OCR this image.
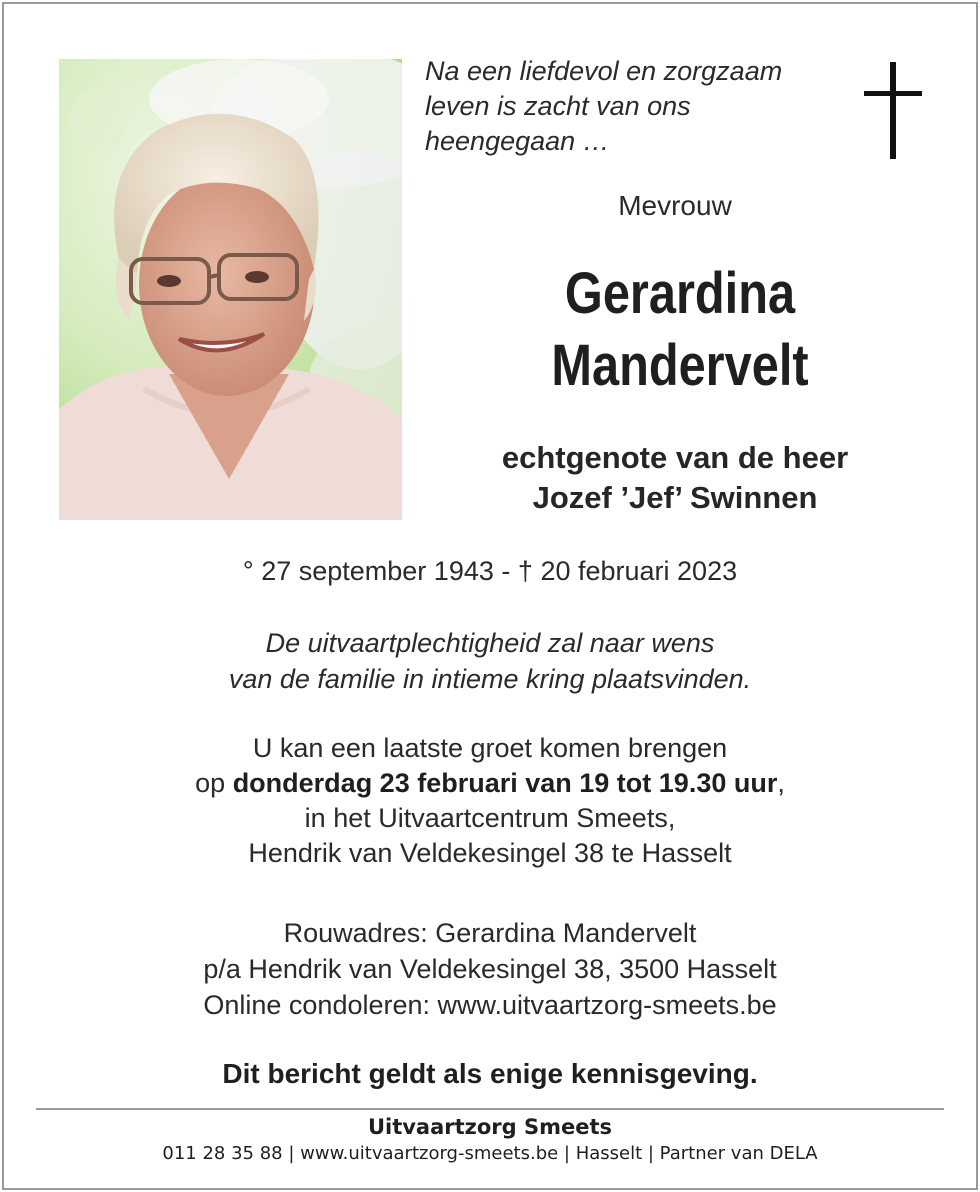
Na een liefdevol en zorgzaam
leven is zacht van ons
heengegaan …
Mevrouw
Gerardina
Mandervelt
echtgenote van de heer
Jozef ’Jef’ Swinnen
° 27 september 1943 - † 20 februari 2023
De uitvaartplechtigheid zal naar wens
van de familie in intieme kring plaatsvinden.
U kan een laatste groet komen brengen
op donderdag 23 februari van 19 tot 19.30 uur,
in het Uitvaartcentrum Smeets,
Hendrik van Veldekesingel 38 te Hasselt
Rouwadres: Gerardina Mandervelt
p/a Hendrik van Veldekesingel 38, 3500 Hasselt
Online condoleren: www.uitvaartzorg-smeets.be
Dit bericht geldt als enige kennisgeving.
Uitvaartzorg Smeets
011 28 35 88 | www.uitvaartzorg-smeets.be | Hasselt | Partner van DELA
